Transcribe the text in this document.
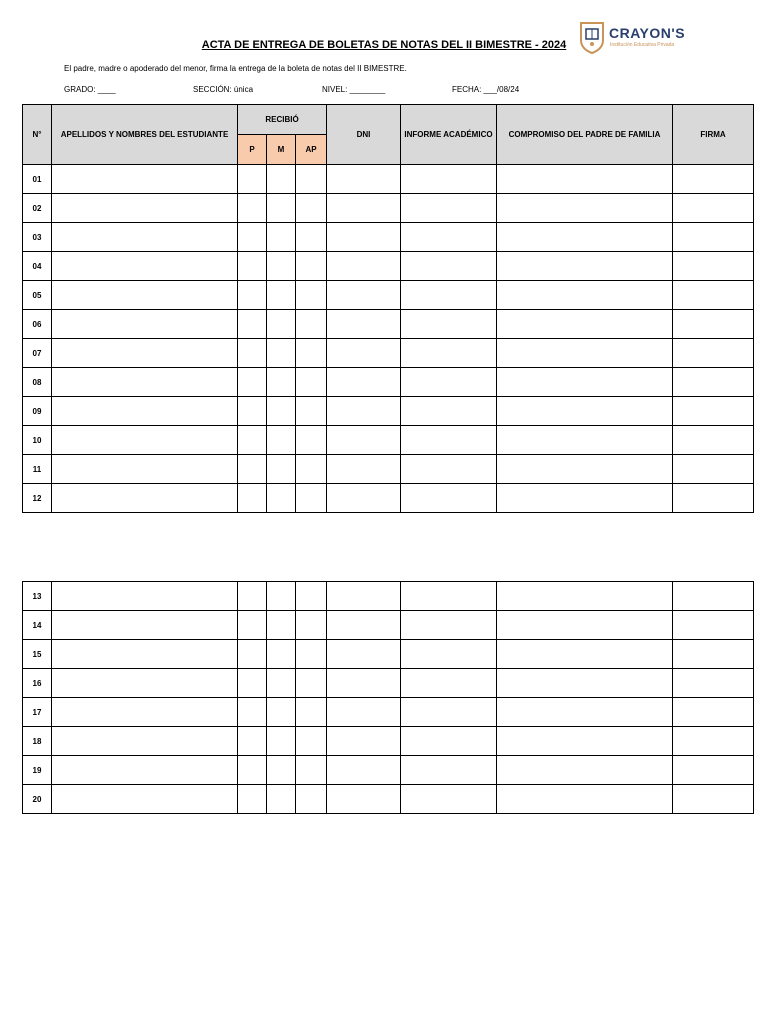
ACTA DE ENTREGA DE BOLETAS DE NOTAS DEL II BIMESTRE - 2024
CRAYON'S
Institución Educativa Privada
El padre, madre o apoderado del menor, firma la entrega de la boleta de notas del II BIMESTRE.
GRADO: ____	SECCIÓN: única	NIVEL: ________	FECHA: ___/08/24
N°	APELLIDOS Y NOMBRES DEL ESTUDIANTE	RECIBIÓ			DNI	INFORME ACADÉMICO	COMPROMISO DEL PADRE DE FAMILIA	FIRMA
		P	M	AP				
01								
02								
03								
04								
05								
06								
07								
08								
09								
10								
11								
12								
13								
14								
15								
16								
17								
18								
19								
20								
